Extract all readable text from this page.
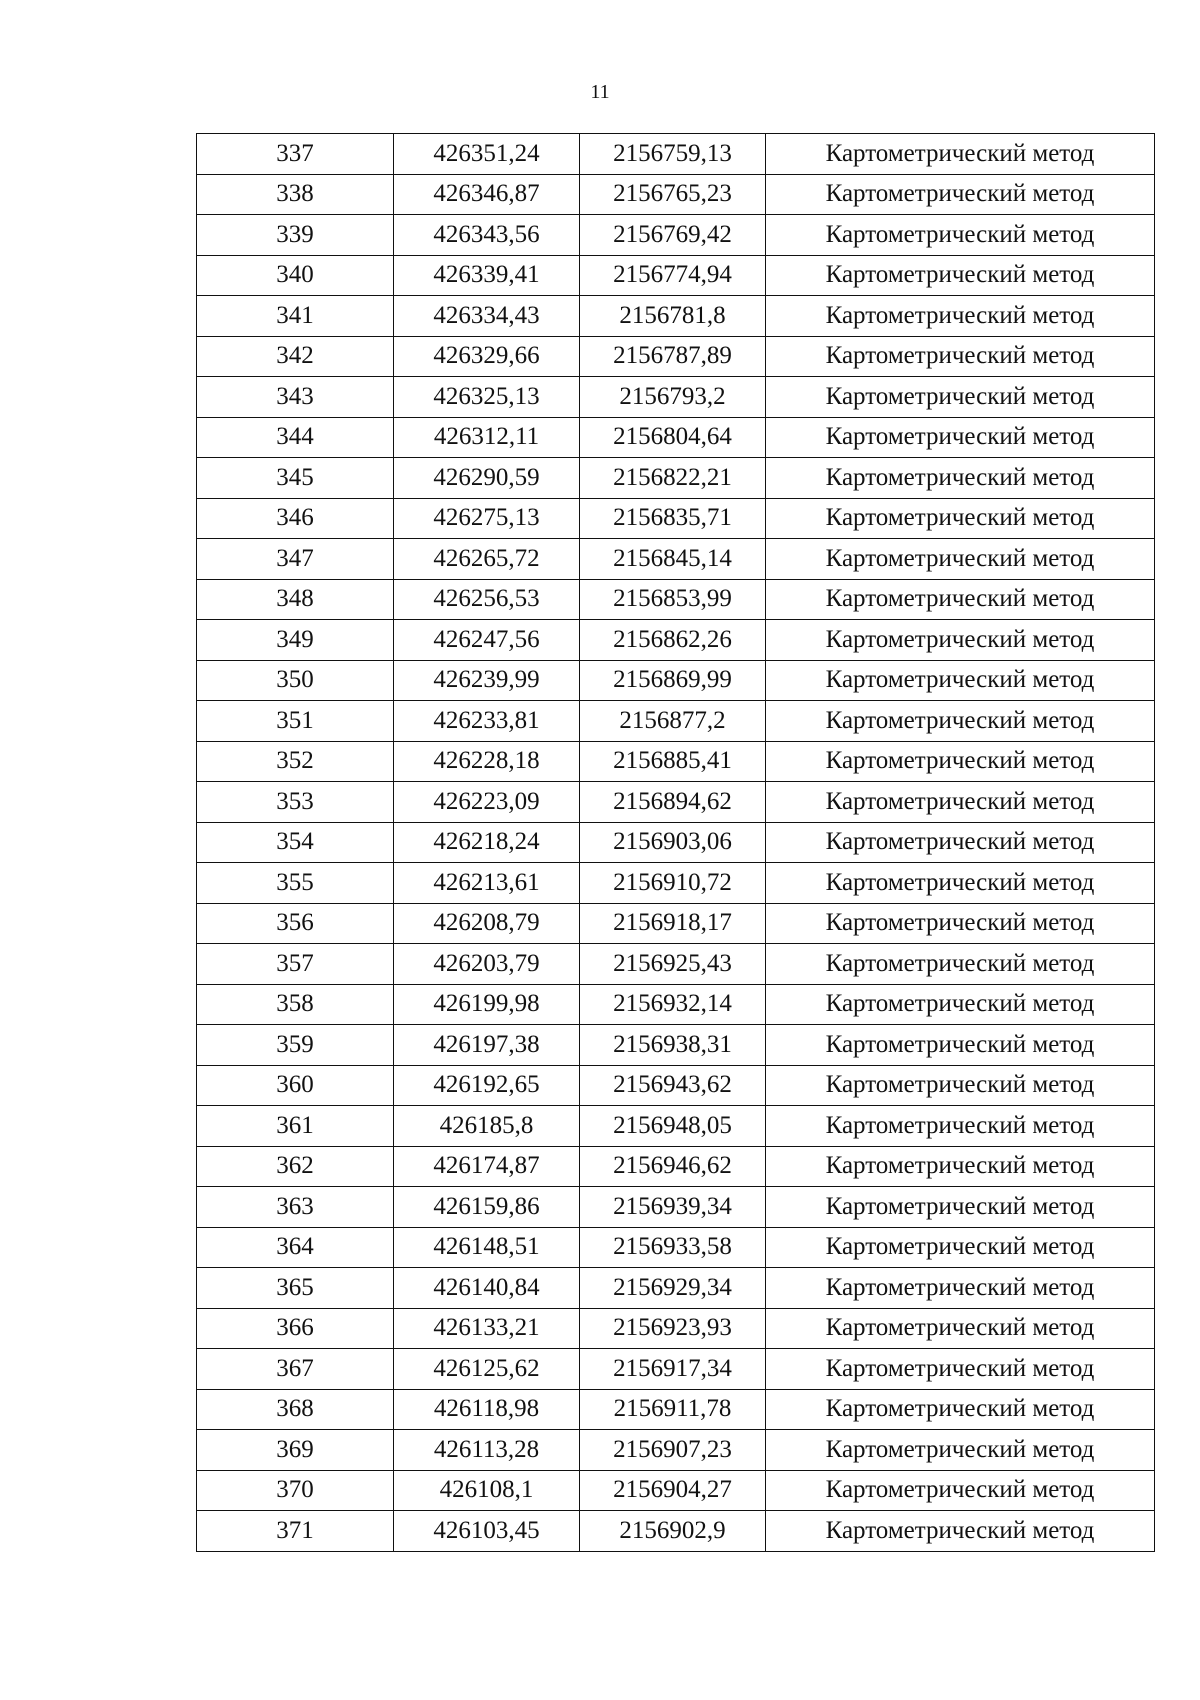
11
337	426351,24	2156759,13	Картометрический метод
338	426346,87	2156765,23	Картометрический метод
339	426343,56	2156769,42	Картометрический метод
340	426339,41	2156774,94	Картометрический метод
341	426334,43	2156781,8	Картометрический метод
342	426329,66	2156787,89	Картометрический метод
343	426325,13	2156793,2	Картометрический метод
344	426312,11	2156804,64	Картометрический метод
345	426290,59	2156822,21	Картометрический метод
346	426275,13	2156835,71	Картометрический метод
347	426265,72	2156845,14	Картометрический метод
348	426256,53	2156853,99	Картометрический метод
349	426247,56	2156862,26	Картометрический метод
350	426239,99	2156869,99	Картометрический метод
351	426233,81	2156877,2	Картометрический метод
352	426228,18	2156885,41	Картометрический метод
353	426223,09	2156894,62	Картометрический метод
354	426218,24	2156903,06	Картометрический метод
355	426213,61	2156910,72	Картометрический метод
356	426208,79	2156918,17	Картометрический метод
357	426203,79	2156925,43	Картометрический метод
358	426199,98	2156932,14	Картометрический метод
359	426197,38	2156938,31	Картометрический метод
360	426192,65	2156943,62	Картометрический метод
361	426185,8	2156948,05	Картометрический метод
362	426174,87	2156946,62	Картометрический метод
363	426159,86	2156939,34	Картометрический метод
364	426148,51	2156933,58	Картометрический метод
365	426140,84	2156929,34	Картометрический метод
366	426133,21	2156923,93	Картометрический метод
367	426125,62	2156917,34	Картометрический метод
368	426118,98	2156911,78	Картометрический метод
369	426113,28	2156907,23	Картометрический метод
370	426108,1	2156904,27	Картометрический метод
371	426103,45	2156902,9	Картометрический метод
